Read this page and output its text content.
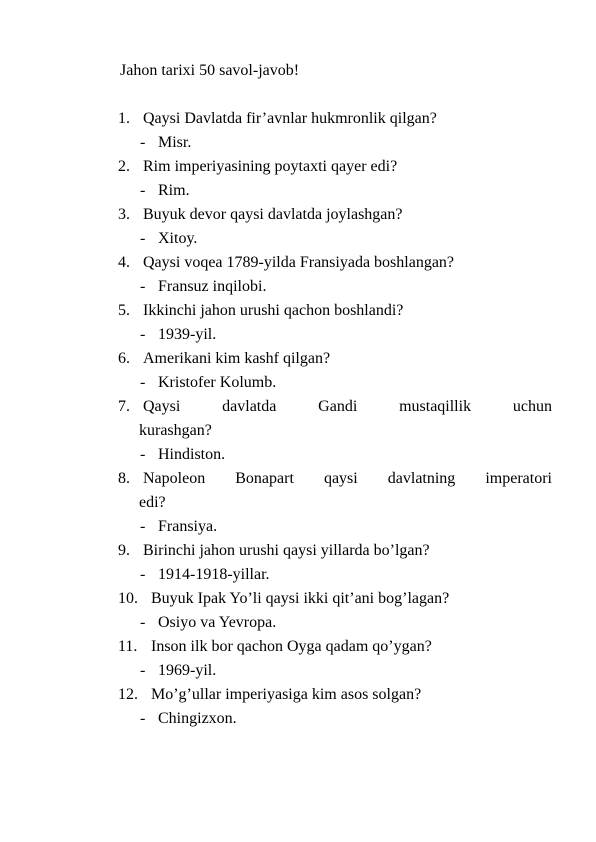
Jahon tarixi 50 savol-javob!
1. Qaysi Davlatda fir’avnlar hukmronlik qilgan?
- Misr.
2. Rim imperiyasining poytaxti qayer edi?
- Rim.
3. Buyuk devor qaysi davlatda joylashgan?
- Xitoy.
4. Qaysi voqea 1789-yilda Fransiyada boshlangan?
- Fransuz inqilobi.
5. Ikkinchi jahon urushi qachon boshlandi?
- 1939-yil.
6. Amerikani kim kashf qilgan?
- Kristofer Kolumb.
7. Qaysi davlatda Gandi mustaqillik uchun
kurashgan?
- Hindiston.
8. Napoleon Bonapart qaysi davlatning imperatori
edi?
- Fransiya.
9. Birinchi jahon urushi qaysi yillarda bo’lgan?
- 1914-1918-yillar.
10. Buyuk Ipak Yo’li qaysi ikki qit’ani bog’lagan?
- Osiyo va Yevropa.
11. Inson ilk bor qachon Oyga qadam qo’ygan?
- 1969-yil.
12. Mo’g’ullar imperiyasiga kim asos solgan?
- Chingizxon.
